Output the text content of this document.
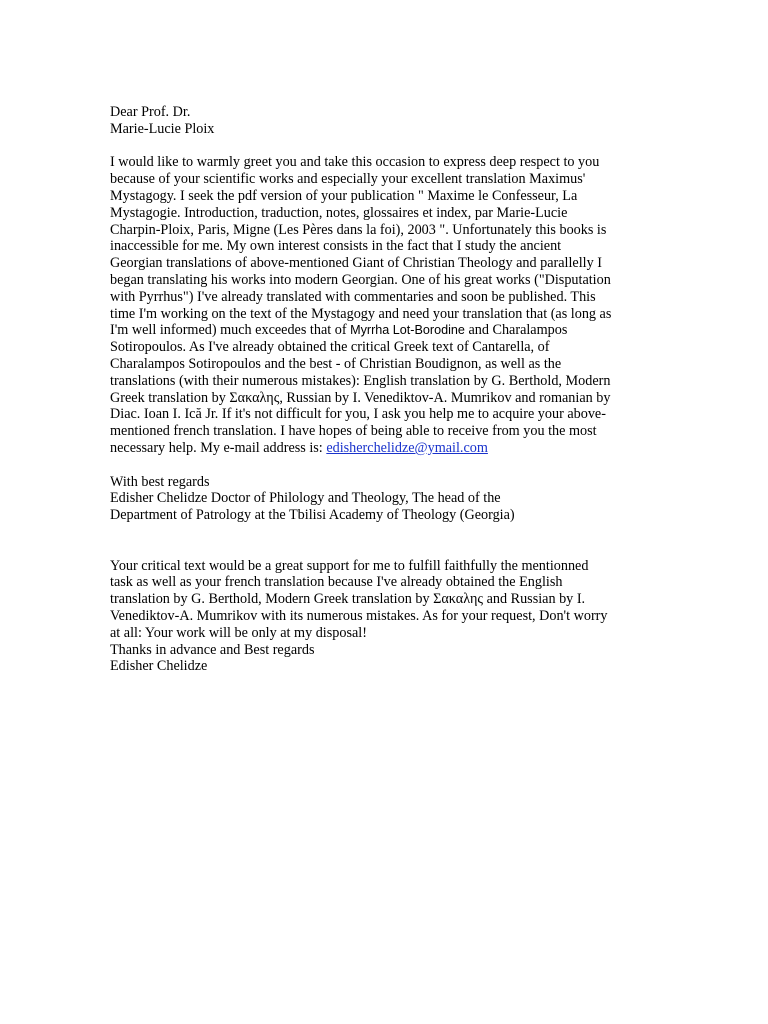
Dear Prof. Dr.
Marie-Lucie Ploix
I would like to warmly greet you and take this occasion to express deep respect to you
because of your scientific works and especially your excellent translation Maximus'
Mystagogy. I seek the pdf version of your publication " Maxime le Confesseur, La
Mystagogie. Introduction, traduction, notes, glossaires et index, par Marie-Lucie
Charpin-Ploix, Paris, Migne (Les Pères dans la foi), 2003 ". Unfortunately this books is
inaccessible for me. My own interest consists in the fact that I study the ancient
Georgian translations of above-mentioned Giant of Christian Theology and parallelly I
began translating his works into modern Georgian. One of his great works ("Disputation
with Pyrrhus") I've already translated with commentaries and soon be published. This
time I'm working on the text of the Mystagogy and need your translation that (as long as
I'm well informed) much exceedes that of Myrrha Lot-Borodine and Charalampos
Sotiropoulos. As I've already obtained the critical Greek text of Cantarella, of
Charalampos Sotiropoulos and the best - of Christian Boudignon, as well as the
translations (with their numerous mistakes): English translation by G. Berthold, Modern
Greek translation by Σακαλης, Russian by I. Venediktov-A. Mumrikov and romanian by
Diac. Ioan I. Ică Jr. If it's not difficult for you, I ask you help me to acquire your above-
mentioned french translation. I have hopes of being able to receive from you the most
necessary help. My e-mail address is: edisherchelidze@ymail.com
With best regards
Edisher Chelidze Doctor of Philology and Theology, The head of the
Department of Patrology at the Tbilisi Academy of Theology (Georgia)
Your critical text would be a great support for me to fulfill faithfully the mentionned
task as well as your french translation because I've already obtained the English
translation by G. Berthold, Modern Greek translation by Σακαλης and Russian by I.
Venediktov-A. Mumrikov with its numerous mistakes. As for your request, Don't worry
at all: Your work will be only at my disposal!
Thanks in advance and Best regards
Edisher Chelidze
